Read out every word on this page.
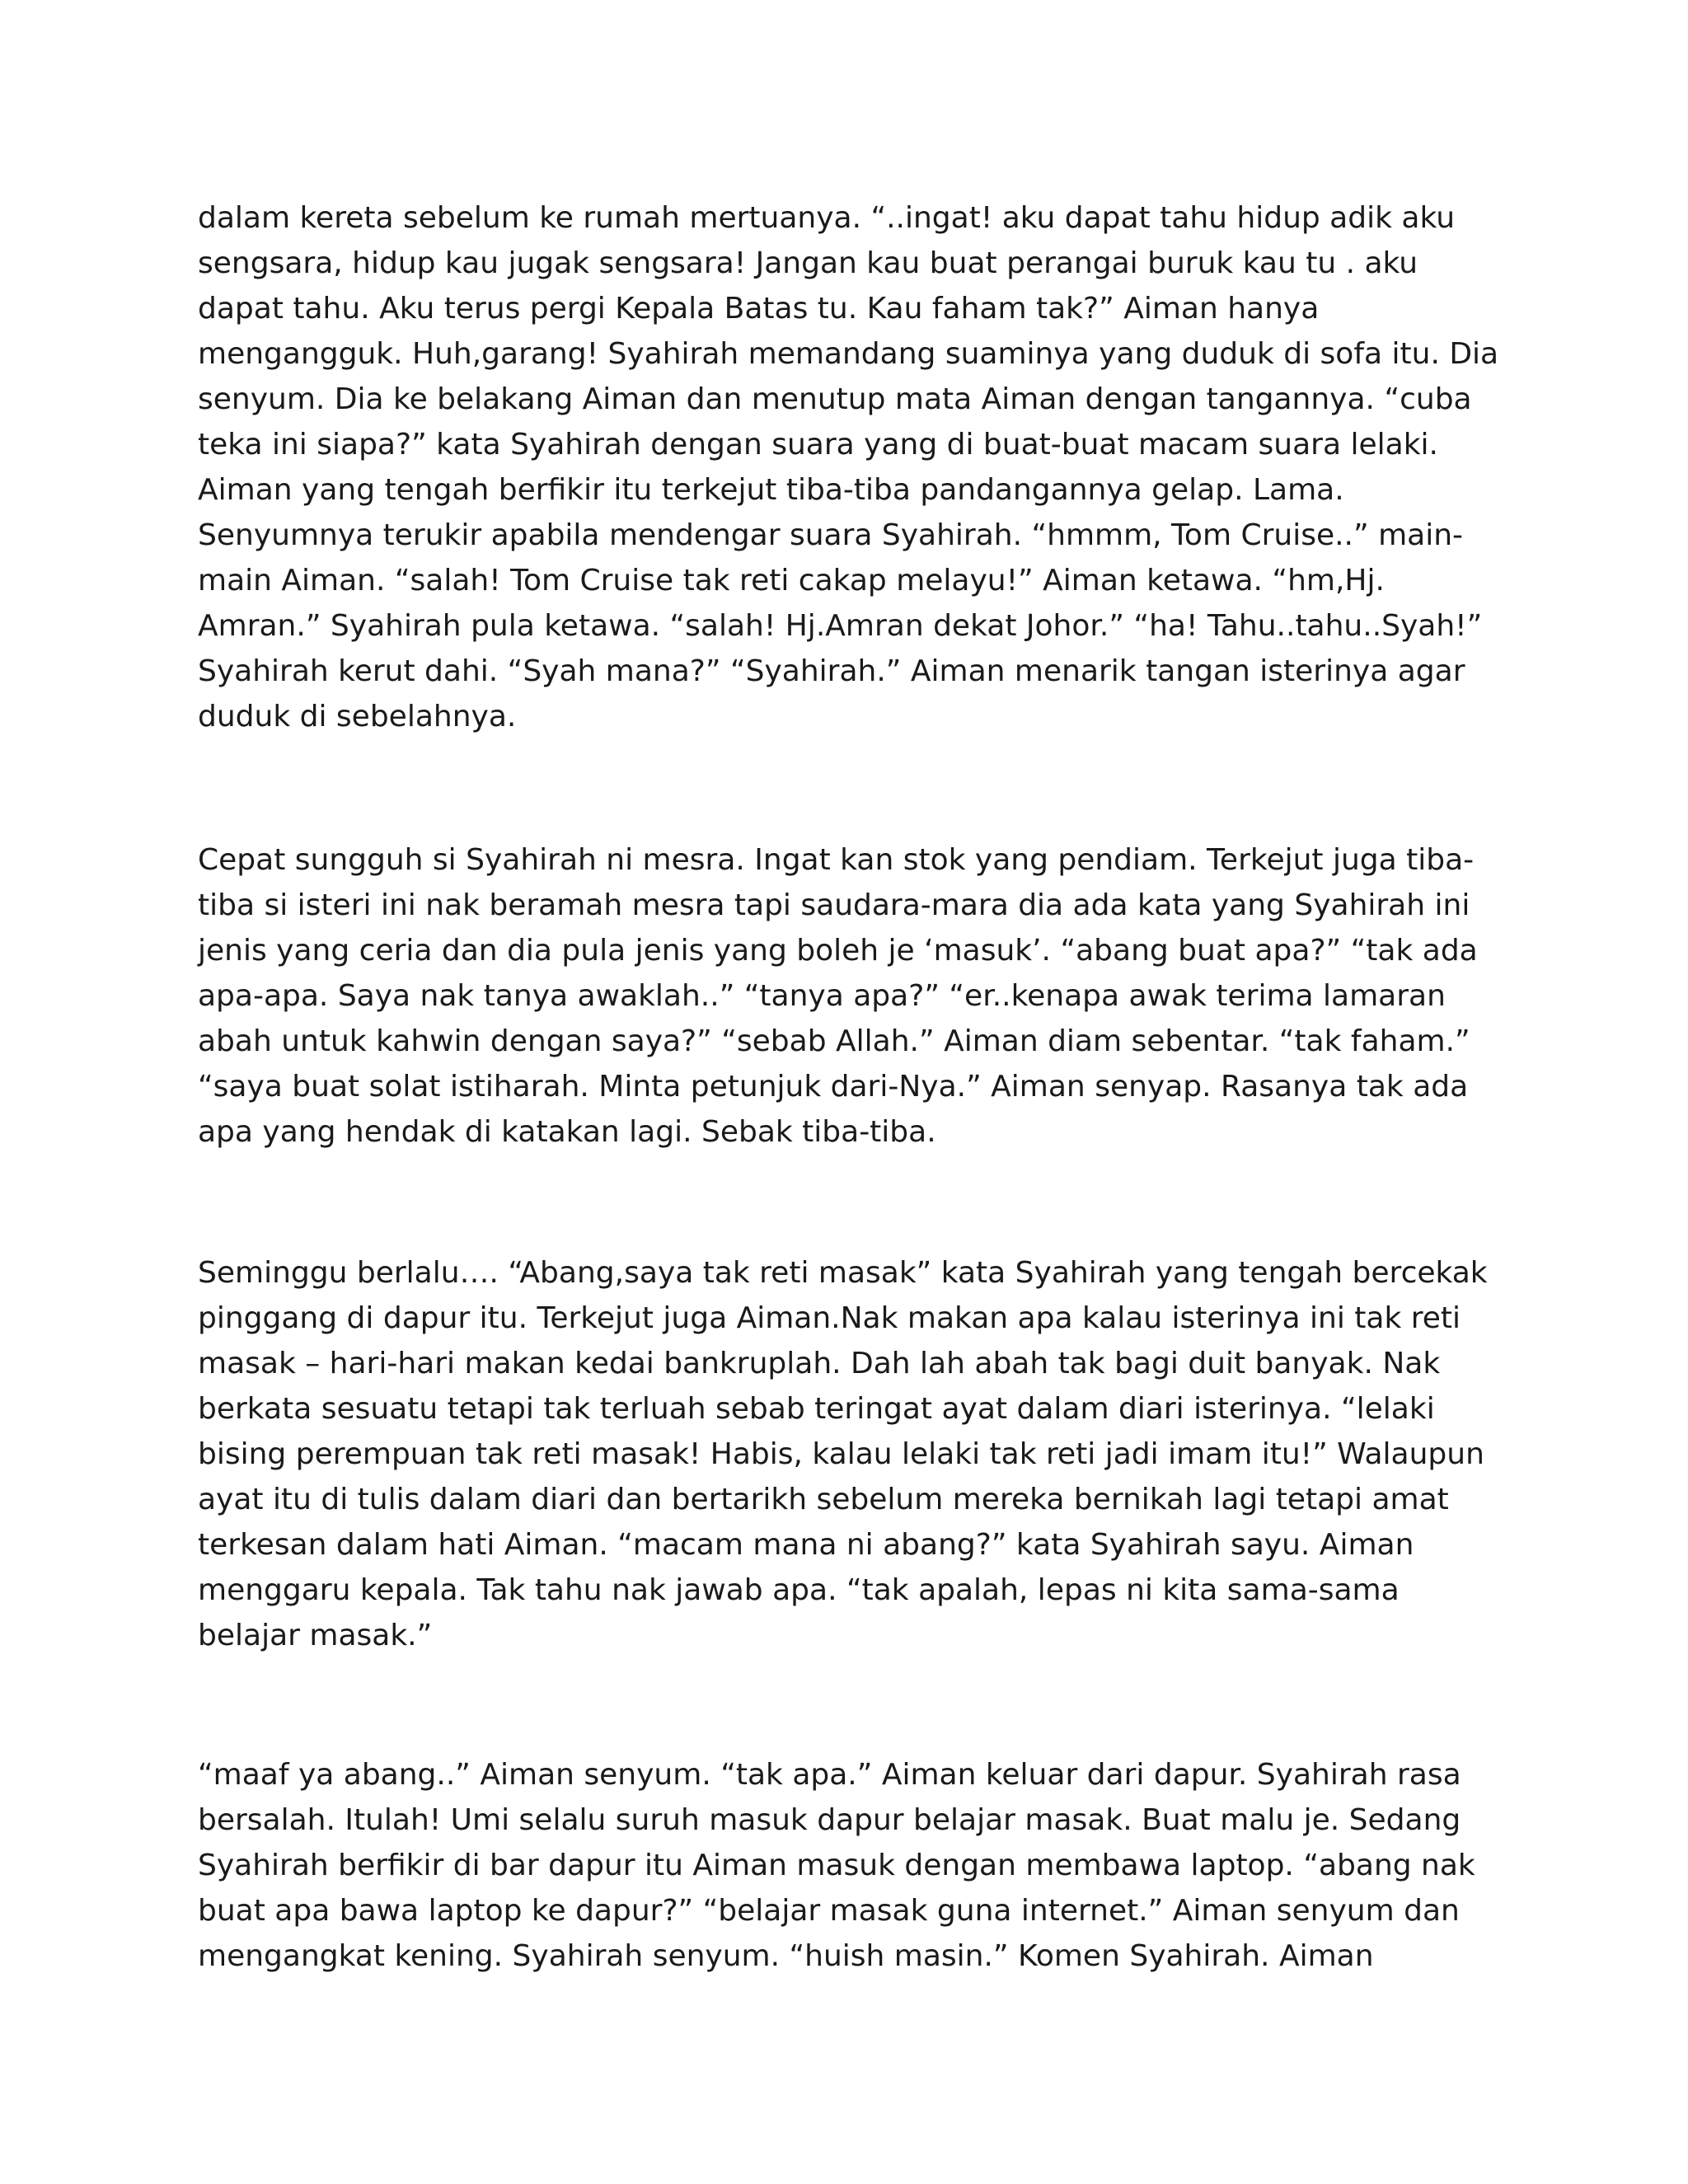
dalam kereta sebelum ke rumah mertuanya. “..ingat! aku dapat tahu hidup adik aku
sengsara, hidup kau jugak sengsara! Jangan kau buat perangai buruk kau tu . aku
dapat tahu. Aku terus pergi Kepala Batas tu. Kau faham tak?” Aiman hanya
mengangguk. Huh,garang! Syahirah memandang suaminya yang duduk di sofa itu. Dia
senyum. Dia ke belakang Aiman dan menutup mata Aiman dengan tangannya. “cuba
teka ini siapa?” kata Syahirah dengan suara yang di buat-buat macam suara lelaki.
Aiman yang tengah berfikir itu terkejut tiba-tiba pandangannya gelap. Lama.
Senyumnya terukir apabila mendengar suara Syahirah. “hmmm, Tom Cruise..” main-
main Aiman. “salah! Tom Cruise tak reti cakap melayu!” Aiman ketawa. “hm,Hj.
Amran.” Syahirah pula ketawa. “salah! Hj.Amran dekat Johor.” “ha! Tahu..tahu..Syah!”
Syahirah kerut dahi. “Syah mana?” “Syahirah.” Aiman menarik tangan isterinya agar
duduk di sebelahnya.
Cepat sungguh si Syahirah ni mesra. Ingat kan stok yang pendiam. Terkejut juga tiba-
tiba si isteri ini nak beramah mesra tapi saudara-mara dia ada kata yang Syahirah ini
jenis yang ceria dan dia pula jenis yang boleh je ‘masuk’. “abang buat apa?” “tak ada
apa-apa. Saya nak tanya awaklah..” “tanya apa?” “er..kenapa awak terima lamaran
abah untuk kahwin dengan saya?” “sebab Allah.” Aiman diam sebentar. “tak faham.”
“saya buat solat istiharah. Minta petunjuk dari-Nya.” Aiman senyap. Rasanya tak ada
apa yang hendak di katakan lagi. Sebak tiba-tiba.
Seminggu berlalu…. “Abang,saya tak reti masak” kata Syahirah yang tengah bercekak
pinggang di dapur itu. Terkejut juga Aiman.Nak makan apa kalau isterinya ini tak reti
masak – hari-hari makan kedai bankruplah. Dah lah abah tak bagi duit banyak. Nak
berkata sesuatu tetapi tak terluah sebab teringat ayat dalam diari isterinya. “lelaki
bising perempuan tak reti masak! Habis, kalau lelaki tak reti jadi imam itu!” Walaupun
ayat itu di tulis dalam diari dan bertarikh sebelum mereka bernikah lagi tetapi amat
terkesan dalam hati Aiman. “macam mana ni abang?” kata Syahirah sayu. Aiman
menggaru kepala. Tak tahu nak jawab apa. “tak apalah, lepas ni kita sama-sama
belajar masak.”
“maaf ya abang..” Aiman senyum. “tak apa.” Aiman keluar dari dapur. Syahirah rasa
bersalah. Itulah! Umi selalu suruh masuk dapur belajar masak. Buat malu je. Sedang
Syahirah berfikir di bar dapur itu Aiman masuk dengan membawa laptop. “abang nak
buat apa bawa laptop ke dapur?” “belajar masak guna internet.” Aiman senyum dan
mengangkat kening. Syahirah senyum. “huish masin.” Komen Syahirah. Aiman
